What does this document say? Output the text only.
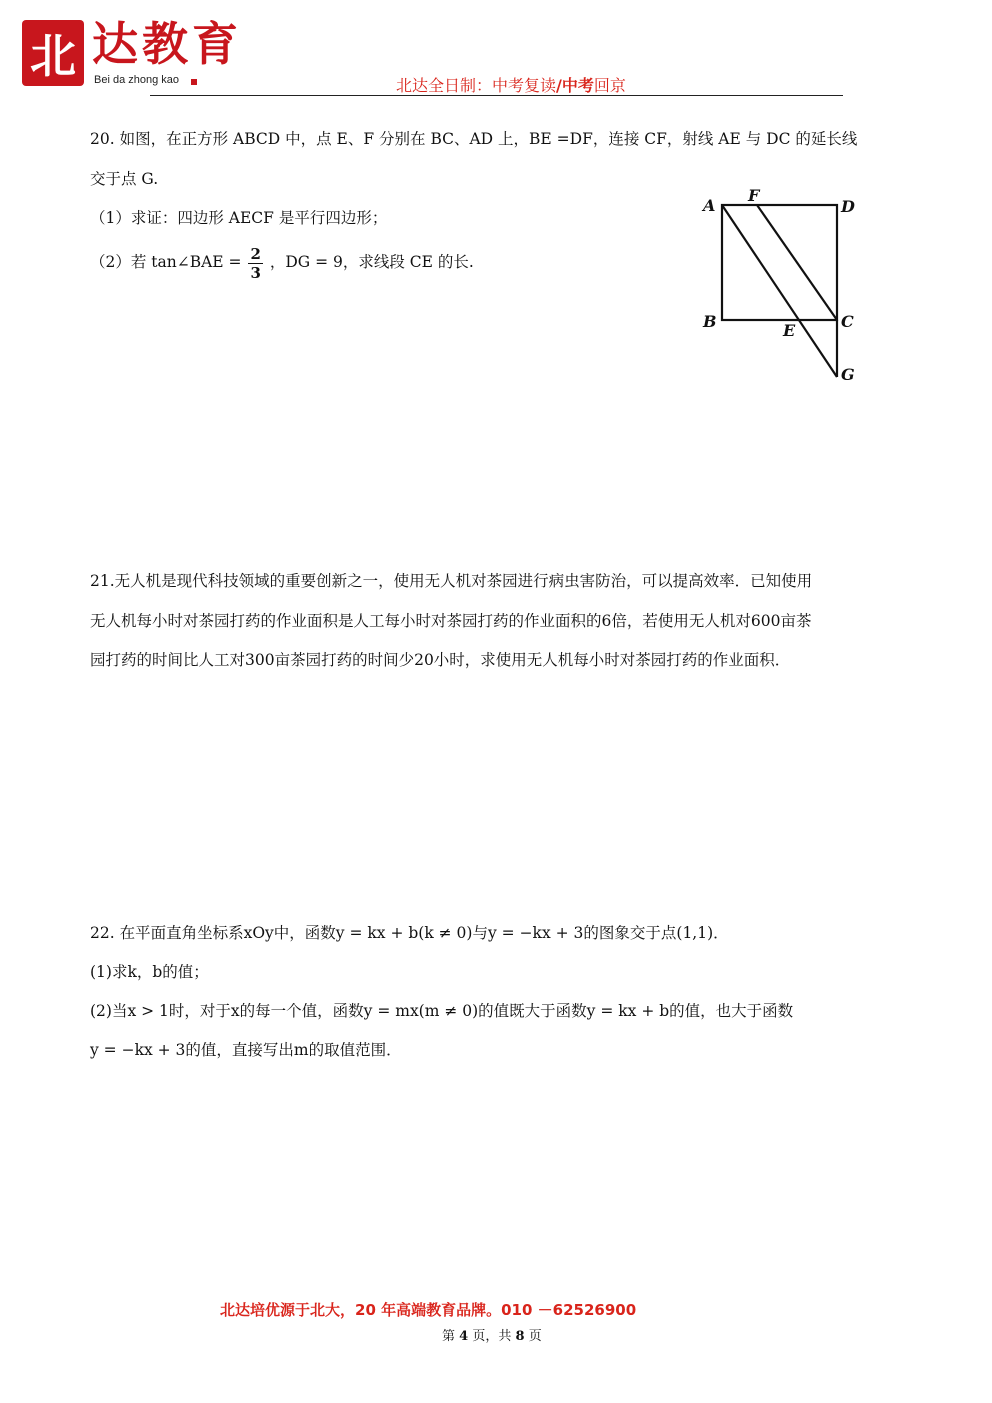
北 达教育
Bei da zhong kao	北达全日制：中考复读/中考回京
20. 如图，在正方形 ABCD 中，点 E、F 分别在 BC、AD 上，BE =DF，连接 CF，射线 AE 与 DC 的延长线
交于点 G.
（1）求证：四边形 AECF 是平行四边形；
（2）若 tan∠BAE = $\frac{2}{3}$ ，DG = 9，求线段 CE 的长.
A
F
D
B	E	C
G
21.无人机是现代科技领域的重要创新之一，使用无人机对茶园进行病虫害防治，可以提高效率．已知使用
无人机每小时对茶园打药的作业面积是人工每小时对茶园打药的作业面积的6倍，若使用无人机对600亩茶
园打药的时间比人工对300亩茶园打药的时间少20小时，求使用无人机每小时对茶园打药的作业面积．
22. 在平面直角坐标系xOy中，函数y = kx + b(k ≠ 0)与y = −kx + 3的图象交于点(1,1)．
(1)求k，b的值；
(2)当x > 1时，对于x的每一个值，函数y = mx(m ≠ 0)的值既大于函数y = kx + b的值，也大于函数
y = −kx + 3的值，直接写出m的取值范围．
北达培优源于北大，20 年高端教育品牌。010 －62526900
第 4 页，共 8 页
